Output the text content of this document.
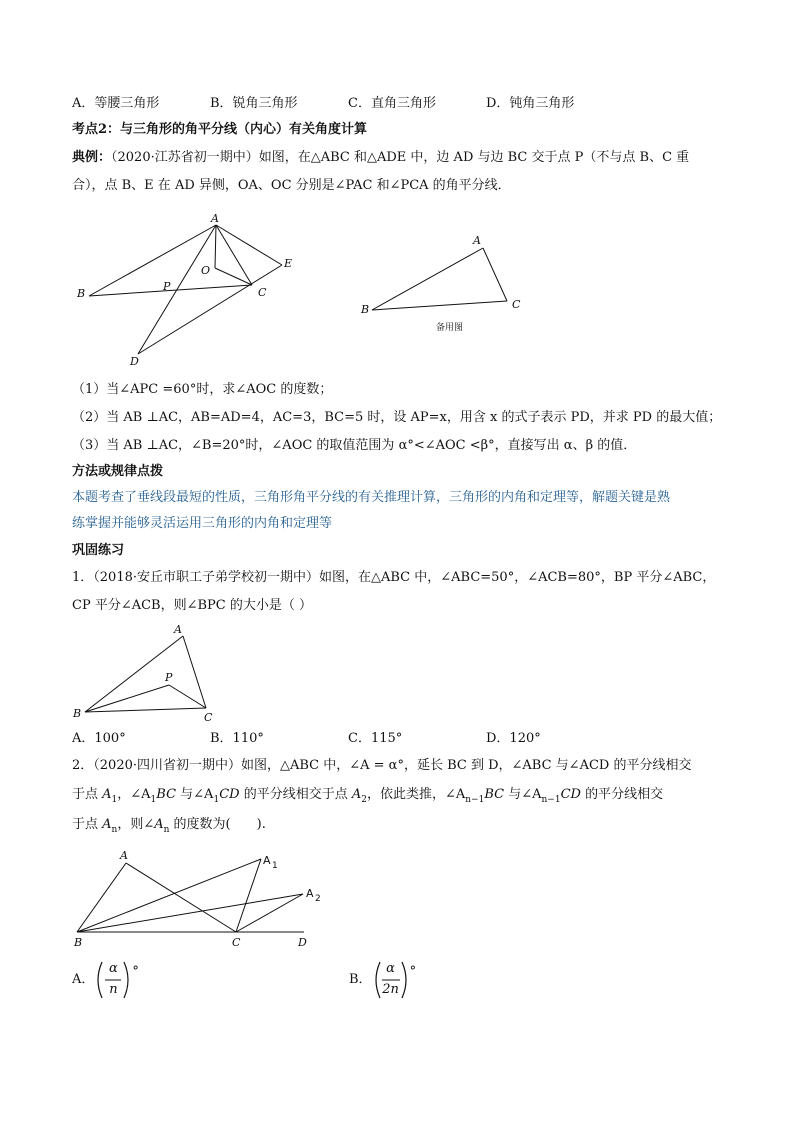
A．等腰三角形	B．锐角三角形	C．直角三角形	D．钝角三角形
考点2：与三角形的角平分线（内心）有关角度计算
典例：（2020·江苏省初一期中）如图，在△ABC 和△ADE 中，边 AD 与边 BC 交于点 P（不与点 B、C 重
合），点 B、E 在 AD 异侧，OA、OC 分别是∠PAC 和∠PCA 的角平分线．
A
O
E
B
P	C
D
A
B	C
备用图
（1）当∠APC =60°时，求∠AOC 的度数；
（2）当 AB ⊥AC，AB=AD=4，AC=3，BC=5 时，设 AP=x，用含 x 的式子表示 PD，并求 PD 的最大值；
（3）当 AB ⊥AC，∠B=20°时，∠AOC 的取值范围为 α°<∠AOC <β°，直接写出 α、β 的值．
方法或规律点拨
本题考查了垂线段最短的性质，三角形角平分线的有关推理计算，三角形的内角和定理等，解题关键是熟
练掌握并能够灵活运用三角形的内角和定理等
巩固练习
1．（2018·安丘市职工子弟学校初一期中）如图，在△ABC 中，∠ABC=50°，∠ACB=80°，BP 平分∠ABC，
CP 平分∠ACB，则∠BPC 的大小是（ ）
A
P
B	C
A．100°	B．110°	C．115°	D．120°
2．（2020·四川省初一期中）如图，△ABC 中，∠A = α°，延长 BC 到 D，∠ABC 与∠ACD 的平分线相交
于点 $A_1$，$\angle A_1BC$ 与$\angle A_1CD$ 的平分线相交于点 $A_2$，依此类推，$\angle A_{n-1}BC$ 与$\angle A_{n-1}CD$ 的平分线相交
于点 $A_n$，则$\angle A_n$ 的度数为(　　).
A	A 1
A 2
B	C	D
A．
α
n
°
B．
α
2n
°
